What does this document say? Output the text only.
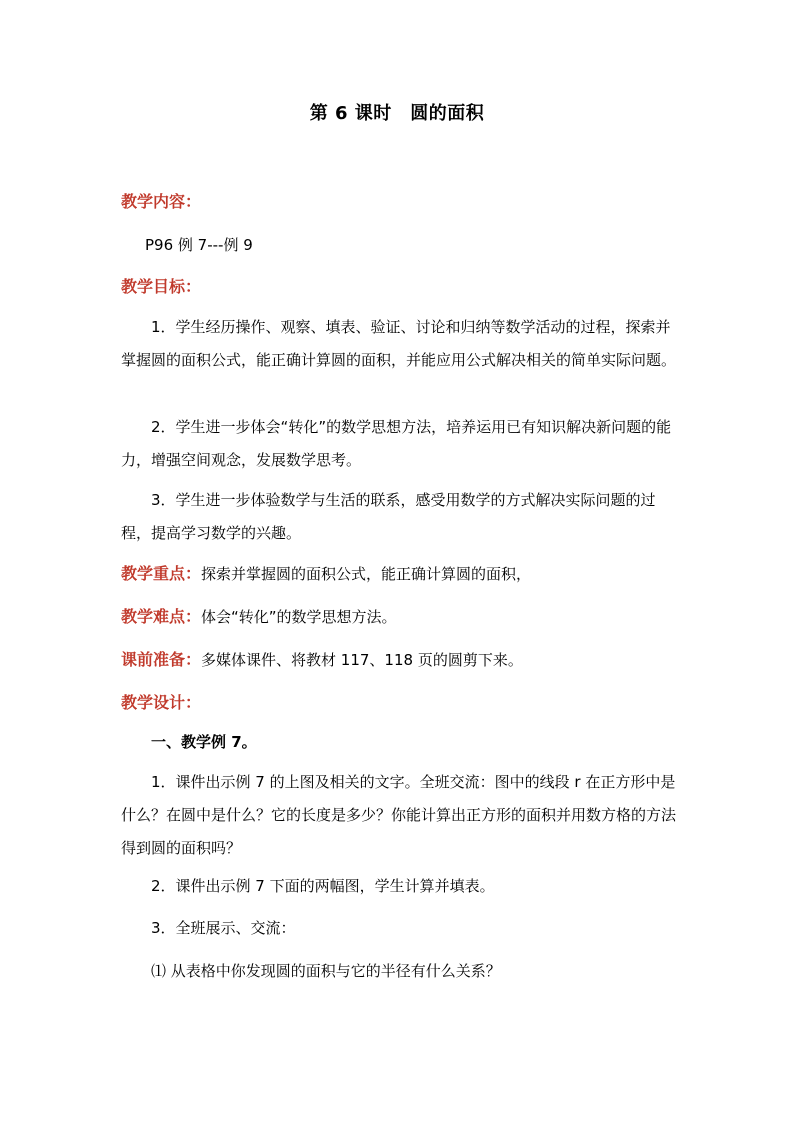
第 6 课时　圆的面积
教学内容：
P96 例 7---例 9
教学目标：
1．学生经历操作、观察、填表、验证、讨论和归纳等数学活动的过程，探索并掌握圆的面积公式，能正确计算圆的面积，并能应用公式解决相关的简单实际问题。
2．学生进一步体会“转化”的数学思想方法，培养运用已有知识解决新问题的能力，增强空间观念，发展数学思考。
3．学生进一步体验数学与生活的联系，感受用数学的方式解决实际问题的过程，提高学习数学的兴趣。
教学重点：探索并掌握圆的面积公式，能正确计算圆的面积，
教学难点：体会“转化”的数学思想方法。
课前准备：多媒体课件、将教材 117、118 页的圆剪下来。
教学设计：
一、教学例 7。
1．课件出示例 7 的上图及相关的文字。全班交流：图中的线段 r 在正方形中是什么？在圆中是什么？它的长度是多少？你能计算出正方形的面积并用数方格的方法得到圆的面积吗？
2．课件出示例 7 下面的两幅图，学生计算并填表。
3．全班展示、交流：
⑴ 从表格中你发现圆的面积与它的半径有什么关系？
